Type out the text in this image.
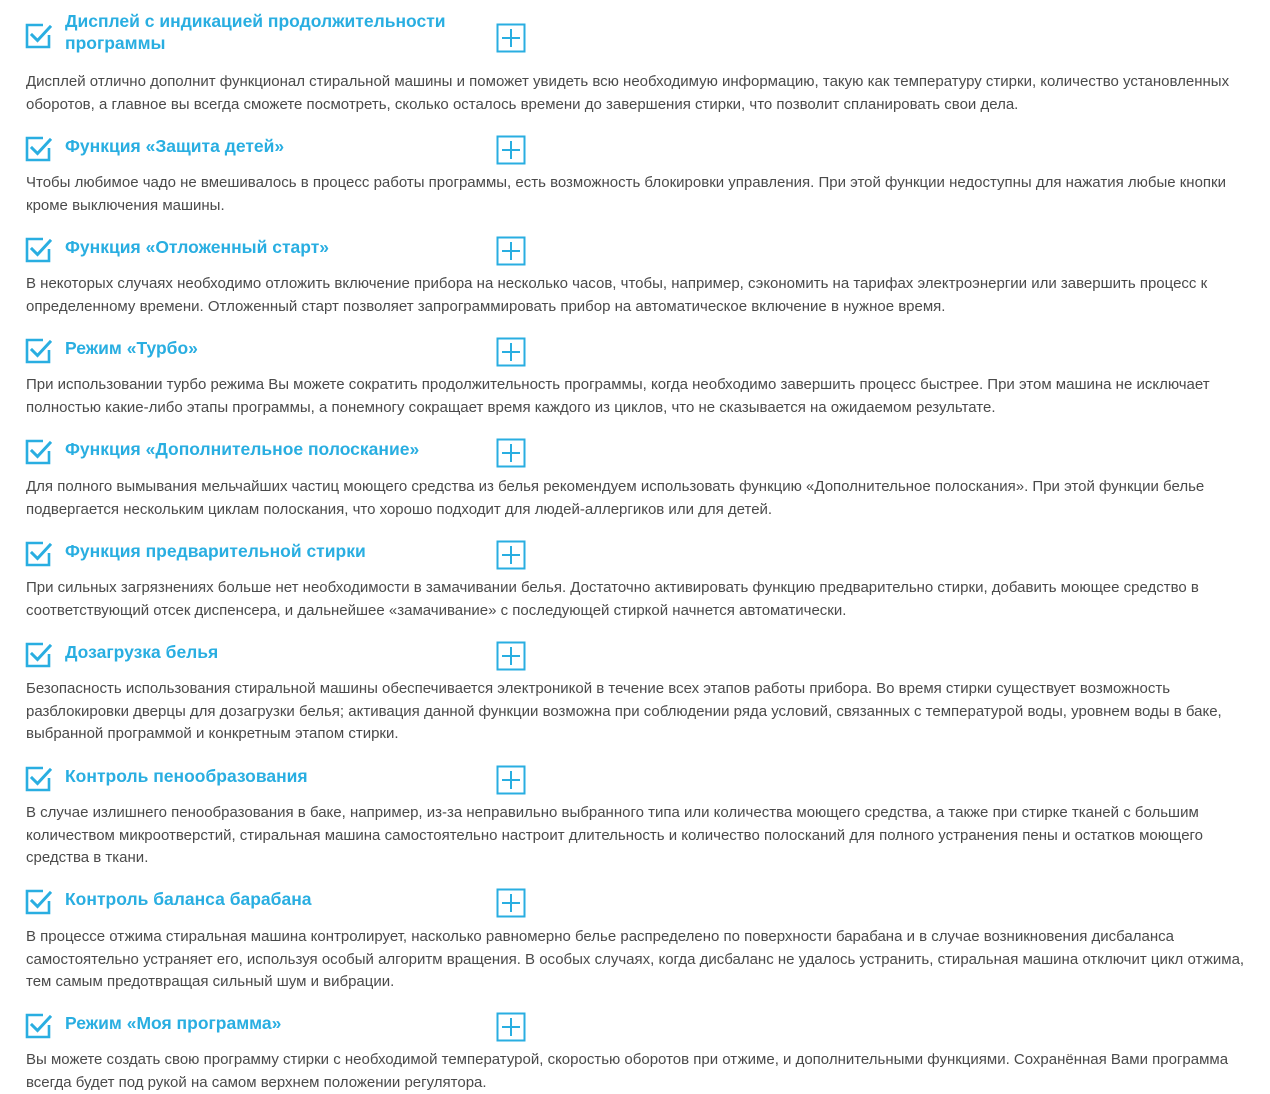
Дисплей с индикацией продолжительности программы

Дисплей отлично дополнит функционал стиральной машины и поможет увидеть всю необходимую информацию, такую как температуру стирки, количество установленных оборотов, а главное вы всегда сможете посмотреть, сколько осталось времени до завершения стирки, что позволит спланировать свои дела.

Функция «Защита детей»

Чтобы любимое чадо не вмешивалось в процесс работы программы, есть возможность блокировки управления. При этой функции недоступны для нажатия любые кнопки кроме выключения машины.

Функция «Отложенный старт»

В некоторых случаях необходимо отложить включение прибора на несколько часов, чтобы, например, сэкономить на тарифах электроэнергии или завершить процесс к определенному времени. Отложенный старт позволяет запрограммировать прибор на автоматическое включение в нужное время.

Режим «Турбо»

При использовании турбо режима Вы можете сократить продолжительность программы, когда необходимо завершить процесс быстрее. При этом машина не исключает полностью какие-либо этапы программы, а понемногу сокращает время каждого из циклов, что не сказывается на ожидаемом результате.

Функция «Дополнительное полоскание»

Для полного вымывания мельчайших частиц моющего средства из белья рекомендуем использовать функцию «Дополнительное полоскания». При этой функции белье подвергается нескольким циклам полоскания, что хорошо подходит для людей-аллергиков или для детей.

Функция предварительной стирки

При сильных загрязнениях больше нет необходимости в замачивании белья. Достаточно активировать функцию предварительно стирки, добавить моющее средство в соответствующий отсек диспенсера, и дальнейшее «замачивание» с последующей стиркой начнется автоматически.

Дозагрузка белья

Безопасность использования стиральной машины обеспечивается электроникой в течение всех этапов работы прибора. Во время стирки существует возможность разблокировки дверцы для дозагрузки белья; активация данной функции возможна при соблюдении ряда условий, связанных с температурой воды, уровнем воды в баке, выбранной программой и конкретным этапом стирки.

Контроль пенообразования

В случае излишнего пенообразования в баке, например, из-за неправильно выбранного типа или количества моющего средства, а также при стирке тканей с большим количеством микроотверстий, стиральная машина самостоятельно настроит длительность и количество полосканий для полного устранения пены и остатков моющего средства в ткани.

Контроль баланса барабана

В процессе отжима стиральная машина контролирует, насколько равномерно белье распределено по поверхности барабана и в случае возникновения дисбаланса самостоятельно устраняет его, используя особый алгоритм вращения. В особых случаях, когда дисбаланс не удалось устранить, стиральная машина отключит цикл отжима, тем самым предотвращая сильный шум и вибрации.

Режим «Моя программа»

Вы можете создать свою программу стирки с необходимой температурой, скоростью оборотов при отжиме, и дополнительными функциями. Сохранённая Вами программа всегда будет под рукой на самом верхнем положении регулятора.
